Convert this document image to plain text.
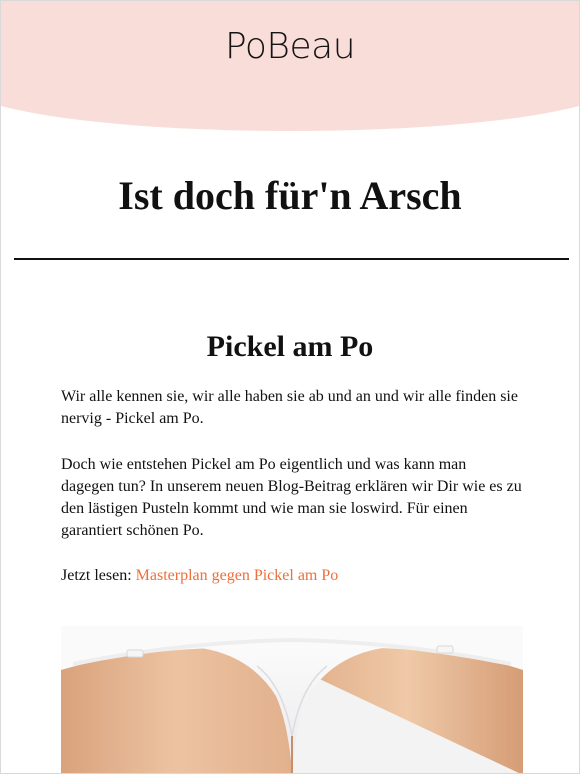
PoBeau
Ist doch für'n Arsch
Pickel am Po

Wir alle kennen sie, wir alle haben sie ab und an und wir alle finden sie nervig - Pickel am Po.

Doch wie entstehen Pickel am Po eigentlich und was kann man dagegen tun? In unserem neuen Blog-Beitrag erklären wir Dir wie es zu den lästigen Pusteln kommt und wie man sie loswird. Für einen garantiert schönen Po.

Jetzt lesen: Masterplan gegen Pickel am Po
